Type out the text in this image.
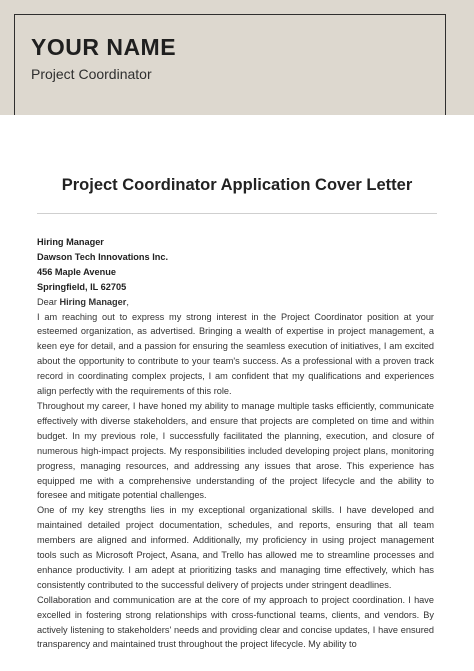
YOUR NAME
Project Coordinator
Project Coordinator Application Cover Letter
Hiring Manager
Dawson Tech Innovations Inc.
456 Maple Avenue
Springfield, IL 62705
Dear Hiring Manager,
I am reaching out to express my strong interest in the Project Coordinator position at your esteemed organization, as advertised. Bringing a wealth of expertise in project management, a keen eye for detail, and a passion for ensuring the seamless execution of initiatives, I am excited about the opportunity to contribute to your team's success. As a professional with a proven track record in coordinating complex projects, I am confident that my qualifications and experiences align perfectly with the requirements of this role.
Throughout my career, I have honed my ability to manage multiple tasks efficiently, communicate effectively with diverse stakeholders, and ensure that projects are completed on time and within budget. In my previous role, I successfully facilitated the planning, execution, and closure of numerous high-impact projects. My responsibilities included developing project plans, monitoring progress, managing resources, and addressing any issues that arose. This experience has equipped me with a comprehensive understanding of the project lifecycle and the ability to foresee and mitigate potential challenges.
One of my key strengths lies in my exceptional organizational skills. I have developed and maintained detailed project documentation, schedules, and reports, ensuring that all team members are aligned and informed. Additionally, my proficiency in using project management tools such as Microsoft Project, Asana, and Trello has allowed me to streamline processes and enhance productivity. I am adept at prioritizing tasks and managing time effectively, which has consistently contributed to the successful delivery of projects under stringent deadlines.
Collaboration and communication are at the core of my approach to project coordination. I have excelled in fostering strong relationships with cross-functional teams, clients, and vendors. By actively listening to stakeholders' needs and providing clear and concise updates, I have ensured transparency and maintained trust throughout the project lifecycle. My ability to
